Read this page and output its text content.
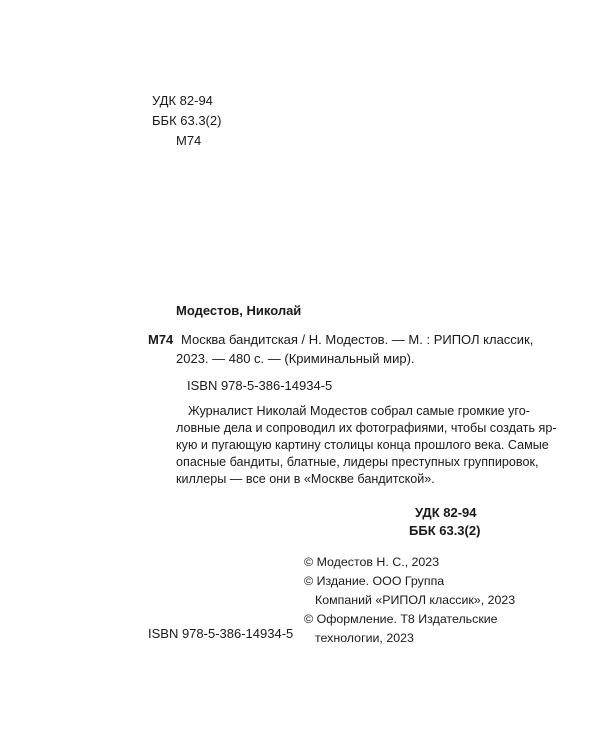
УДК 82-94
ББК 63.3(2)
М74
Модестов, Николай
М74 Москва бандитская / Н. Модестов. — М. : РИПОЛ классик,
2023. — 480 с. — (Криминальный мир).
ISBN 978-5-386-14934-5
Журналист Николай Модестов собрал самые громкие уго-
ловные дела и сопроводил их фотографиями, чтобы создать яр-
кую и пугающую картину столицы конца прошлого века. Самые
опасные бандиты, блатные, лидеры преступных группировок,
киллеры — все они в «Москве бандитской».
УДК 82-94
ББК 63.3(2)
© Модестов Н. С., 2023
© Издание. ООО Группа
Компаний «РИПОЛ классик», 2023
© Оформление. Т8 Издательские
технологии, 2023
ISBN 978-5-386-14934-5
